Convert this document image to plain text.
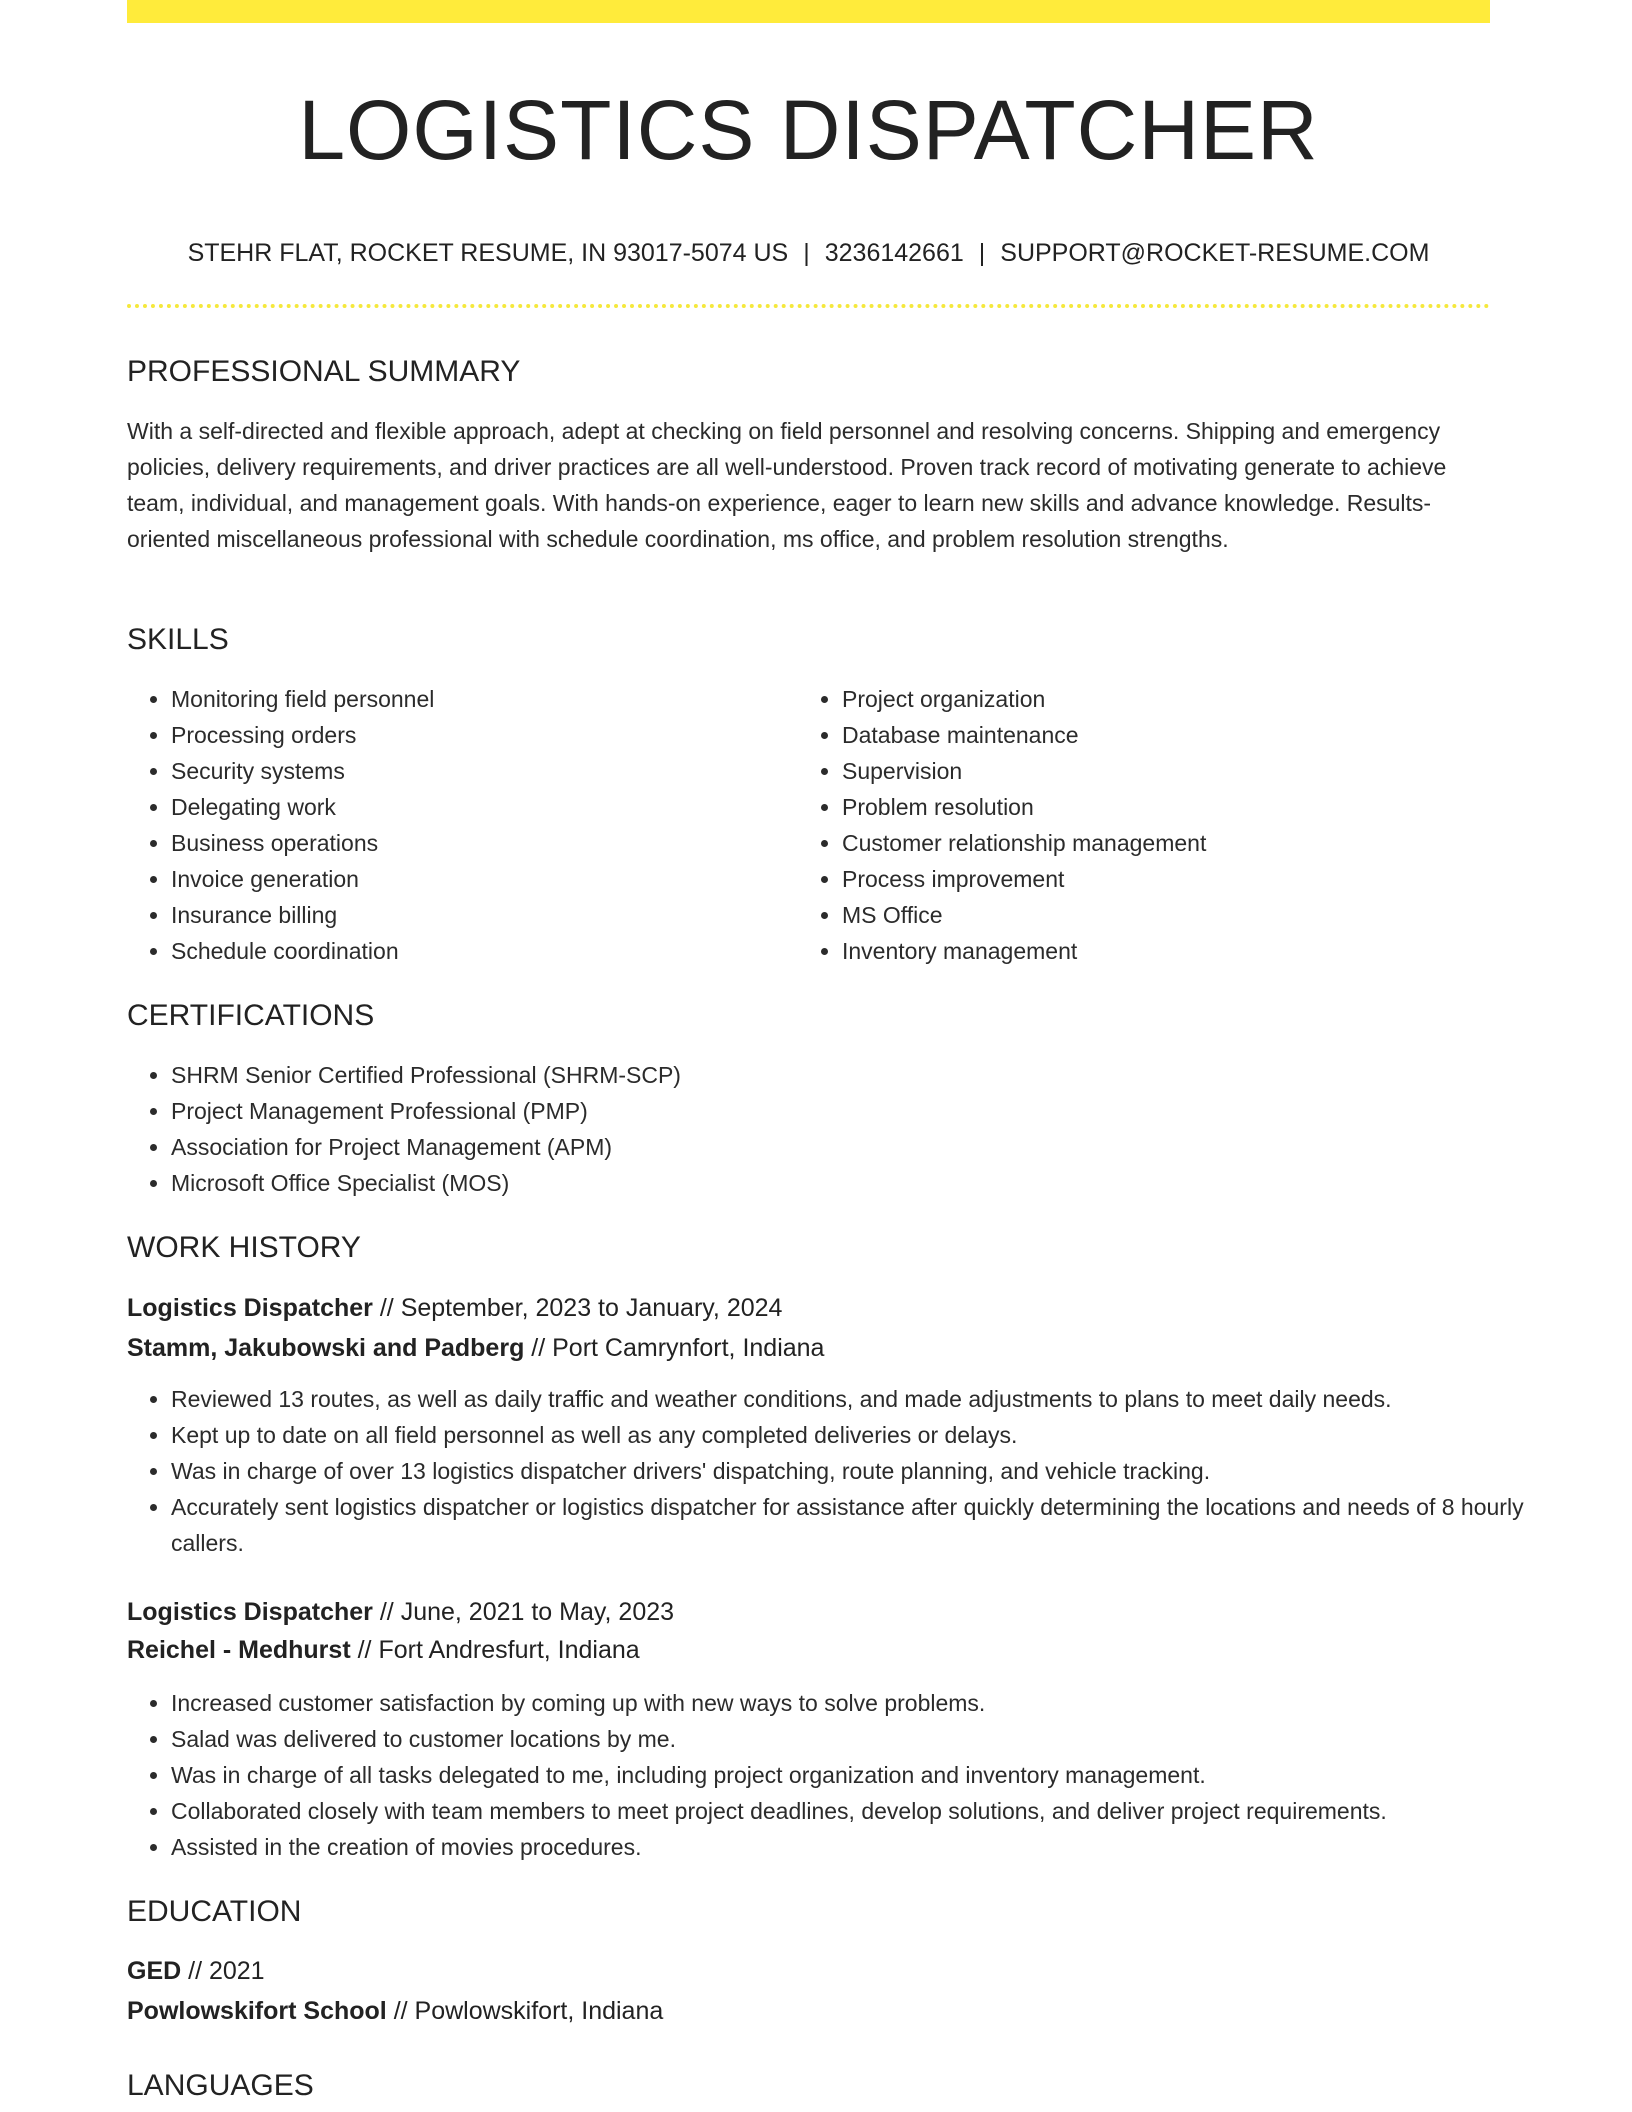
LOGISTICS DISPATCHER
STEHR FLAT, ROCKET RESUME, IN 93017-5074 US | 3236142661 | SUPPORT@ROCKET-RESUME.COM
PROFESSIONAL SUMMARY

With a self-directed and flexible approach, adept at checking on field personnel and resolving concerns. Shipping and emergency policies, delivery requirements, and driver practices are all well-understood. Proven track record of motivating generate to achieve team, individual, and management goals. With hands-on experience, eager to learn new skills and advance knowledge. Results-oriented miscellaneous professional with schedule coordination, ms office, and problem resolution strengths.

SKILLS
• Monitoring field personnel
• Processing orders
• Security systems
• Delegating work
• Business operations
• Invoice generation
• Insurance billing
• Schedule coordination
• Project organization
• Database maintenance
• Supervision
• Problem resolution
• Customer relationship management
• Process improvement
• MS Office
• Inventory management
CERTIFICATIONS
• SHRM Senior Certified Professional (SHRM-SCP)
• Project Management Professional (PMP)
• Association for Project Management (APM)
• Microsoft Office Specialist (MOS)
WORK HISTORY
Logistics Dispatcher // September, 2023 to January, 2024
Stamm, Jakubowski and Padberg // Port Camrynfort, Indiana
• Reviewed 13 routes, as well as daily traffic and weather conditions, and made adjustments to plans to meet daily needs.
• Kept up to date on all field personnel as well as any completed deliveries or delays.
• Was in charge of over 13 logistics dispatcher drivers' dispatching, route planning, and vehicle tracking.
• Accurately sent logistics dispatcher or logistics dispatcher for assistance after quickly determining the locations and needs of 8 hourly callers.
Logistics Dispatcher // June, 2021 to May, 2023
Reichel - Medhurst // Fort Andresfurt, Indiana
• Increased customer satisfaction by coming up with new ways to solve problems.
• Salad was delivered to customer locations by me.
• Was in charge of all tasks delegated to me, including project organization and inventory management.
• Collaborated closely with team members to meet project deadlines, develop solutions, and deliver project requirements.
• Assisted in the creation of movies procedures.
EDUCATION
GED // 2021
Powlowskifort School // Powlowskifort, Indiana
LANGUAGES
